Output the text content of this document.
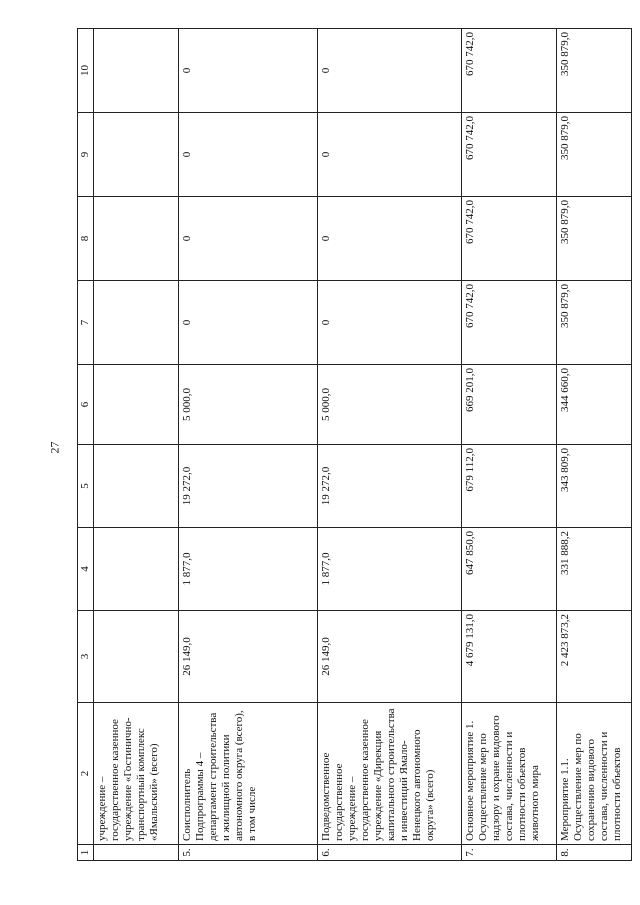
27
1	2	3	4	5	6	7	8	9	10
	учреждение – государственное казенное учреждение «Гостинично-транспортный комплекс «Ямальский» (всего)								
5.	Соисполнитель Подпрограммы 4 – департамент строительства и жилищной политики автономного округа (всего), в том числе	26 149,0	1 877,0	19 272,0	5 000,0	0	0	0	0
6.	Подведомственное государственное учреждение – государственное казенное учреждение «Дирекция капитального строительства и инвестиций Ямало-Ненецкого автономного округа» (всего)	26 149,0	1 877,0	19 272,0	5 000,0	0	0	0	0
7.	Основное мероприятие 1. Осуществление мер по надзору и охране видового состава, численности и плотности объектов животного мира	4 679 131,0	647 850,0	679 112,0	669 201,0	670 742,0	670 742,0	670 742,0	670 742,0
8.	Мероприятие 1.1. Осуществление мер по сохранению видового состава, численности и плотности объектов	2 423 873,2	331 888,2	343 809,0	344 660,0	350 879,0	350 879,0	350 879,0	350 879,0
